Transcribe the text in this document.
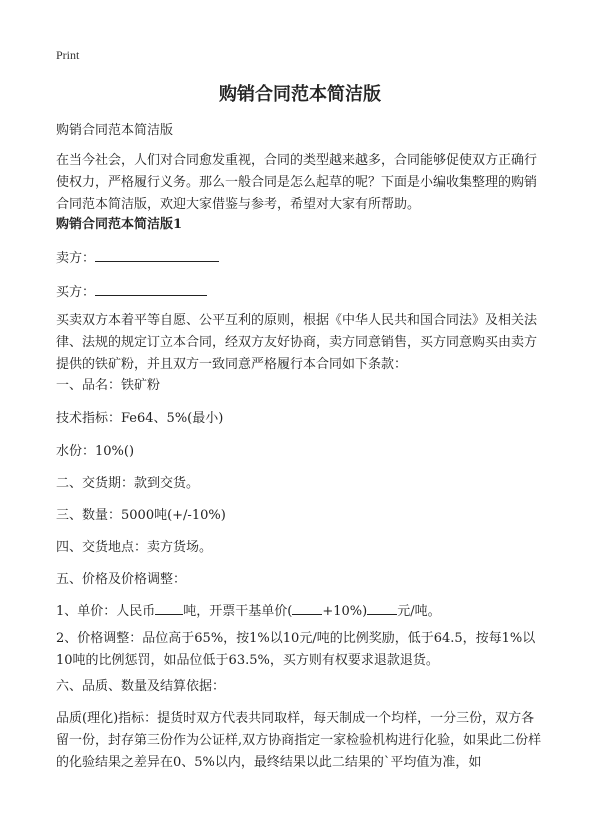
Print
购销合同范本简洁版
购销合同范本简洁版
在当今社会，人们对合同愈发重视，合同的类型越来越多，合同能够促使双方正确行使权力，严格履行义务。那么一般合同是怎么起草的呢？下面是小编收集整理的购销合同范本简洁版，欢迎大家借鉴与参考，希望对大家有所帮助。
购销合同范本简洁版1
卖方：
买方：
买卖双方本着平等自愿、公平互利的原则，根据《中华人民共和国合同法》及相关法律、法规的规定订立本合同，经双方友好协商，卖方同意销售，买方同意购买由卖方提供的铁矿粉，并且双方一致同意严格履行本合同如下条款：
一、品名：铁矿粉
技术指标：Fe64、5%(最小)
水份：10%()
二、交货期：款到交货。
三、数量：5000吨(+/-10%)
四、交货地点：卖方货场。
五、价格及价格调整：
1、单价：人民币 吨，开票干基单价( +10%) 元/吨。
2、价格调整：品位高于65%，按1%以10元/吨的比例奖励，低于64.5，按每1%以10吨的比例惩罚，如品位低于63.5%，买方则有权要求退款退货。
六、品质、数量及结算依据：
品质(理化)指标：提货时双方代表共同取样，每天制成一个均样，一分三份，双方各留一份，封存第三份作为公证样,双方协商指定一家检验机构进行化验，如果此二份样的化验结果之差异在0、5%以内，最终结果以此二结果的`平均值为准，如
